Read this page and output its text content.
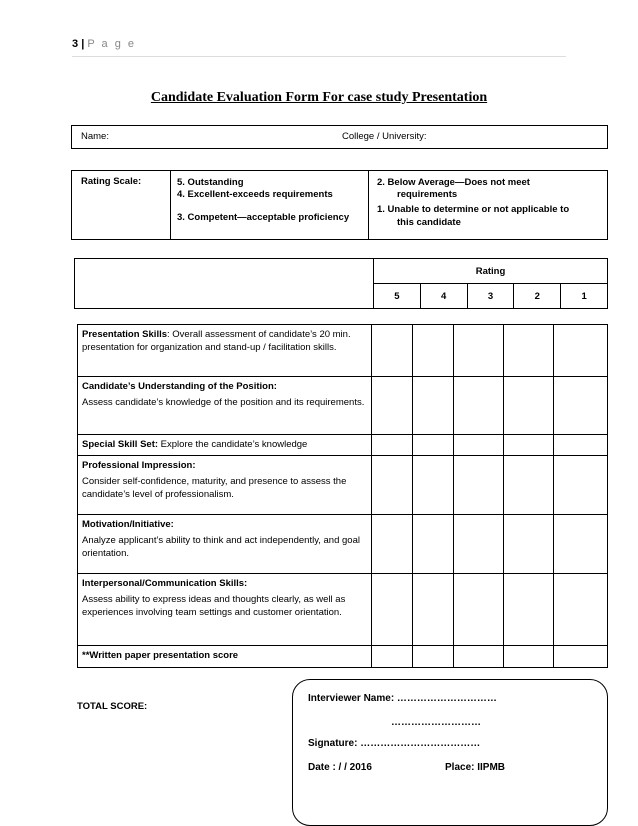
3 | P a g e
Candidate Evaluation Form For case study Presentation
Name:	College / University:
Rating Scale:	5. Outstanding
4. Excellent-exceeds requirements
3. Competent—acceptable proficiency
2. Below Average—Does not meet
requirements
1. Unable to determine or not applicable to
this candidate
	Rating				
	5	4	3	2	1
Presentation Skills: Overall assessment of candidate’s 20 min. presentation for organization and stand-up / facilitation skills.					

Candidate’s Understanding of the Position:

Assess candidate’s knowledge of the position and its requirements.					

Special Skill Set: Explore the candidate’s knowledge					

Professional Impression:

Consider self-confidence, maturity, and presence to assess the candidate’s level of professionalism.					

Motivation/Initiative:

Analyze applicant’s ability to think and act independently, and goal orientation.					

Interpersonal/Communication Skills:

Assess ability to express ideas and thoughts clearly, as well as experiences involving team settings and customer orientation.					

**Written paper presentation score					
TOTAL SCORE:
Interviewer Name: …………………………
………………………
Signature: ………………………………
Date : / / 2016	Place: IIPMB
